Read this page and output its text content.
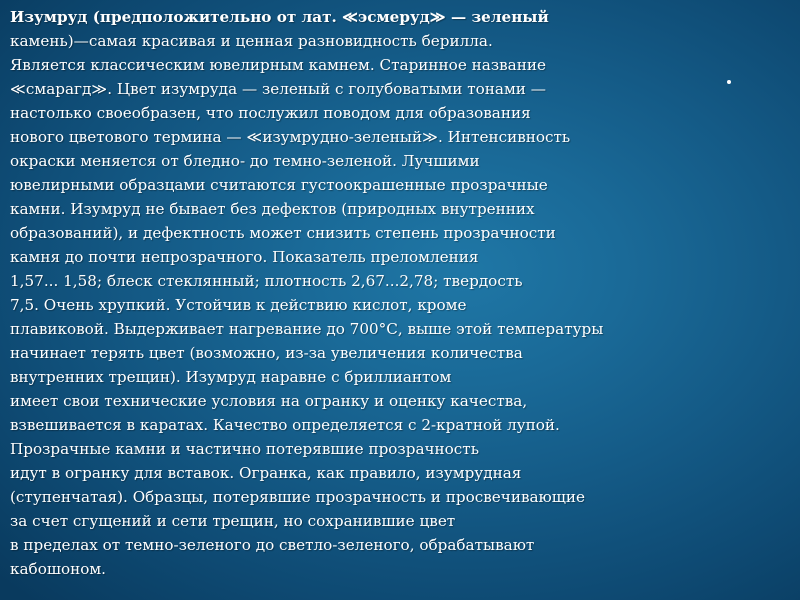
Изумруд (предположительно от лат. ≪эсмеруд≫ — зеленый
камень)—самая красивая и ценная разновидность берилла.
Является классическим ювелирным камнем. Старинное название
≪смарагд≫. Цвет изумруда — зеленый с голубоватыми тонами —
настолько своеобразен, что послужил поводом для образования
нового цветового термина — ≪изумрудно-зеленый≫. Интенсивность
окраски меняется от бледно- до темно-зеленой. Лучшими
ювелирными образцами считаются густоокрашенные прозрачные
камни. Изумруд не бывает без дефектов (природных внутренних
образований), и дефектность может снизить степень прозрачности
камня до почти непрозрачного. Показатель преломления
1,57... 1,58; блеск стеклянный; плотность 2,67...2,78; твердость
7,5. Очень хрупкий. Устойчив к действию кислот, кроме
плавиковой. Выдерживает нагревание до 700°С, выше этой температуры
начинает терять цвет (возможно, из-за увеличения количества
внутренних трещин). Изумруд наравне с бриллиантом
имеет свои технические условия на огранку и оценку качества,
взвешивается в каратах. Качество определяется с 2-кратной лупой.
Прозрачные камни и частично потерявшие прозрачность
идут в огранку для вставок. Огранка, как правило, изумрудная
(ступенчатая). Образцы, потерявшие прозрачность и просвечивающие
за счет сгущений и сети трещин, но сохранившие цвет
в пределах от темно-зеленого до светло-зеленого, обрабатывают
кабошоном.
